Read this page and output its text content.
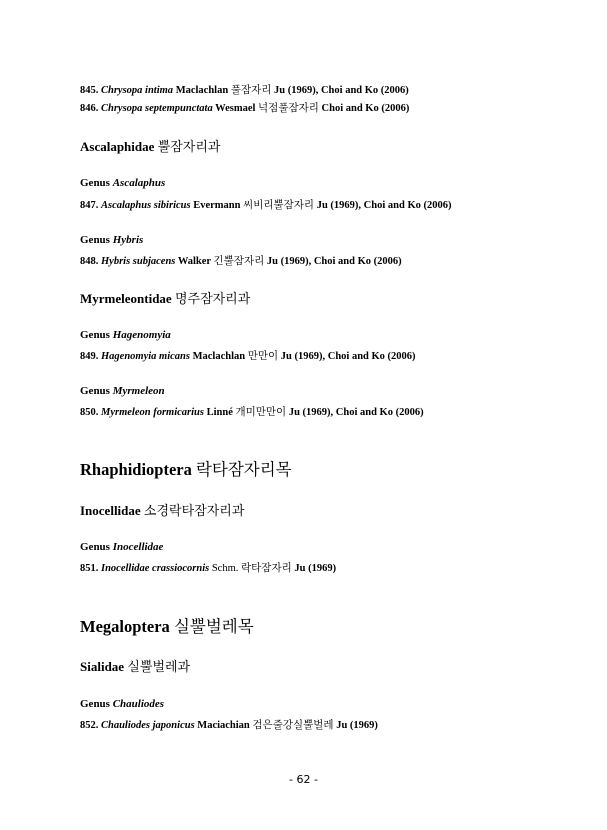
845. Chrysopa intima Maclachlan 풀잠자리 Ju (1969), Choi and Ko (2006)
846. Chrysopa septempunctata Wesmael 넉점풀잠자리 Choi and Ko (2006)
Ascalaphidae 뿔잠자리과
Genus Ascalaphus
847. Ascalaphus sibiricus Evermann 씨비리뿔잠자리 Ju (1969), Choi and Ko (2006)
Genus Hybris
848. Hybris subjacens Walker 긴뿔잠자리 Ju (1969), Choi and Ko (2006)
Myrmeleontidae 명주잠자리과
Genus Hagenomyia
849. Hagenomyia micans Maclachlan 만만이 Ju (1969), Choi and Ko (2006)
Genus Myrmeleon
850. Myrmeleon formicarius Linné 개미만만이 Ju (1969), Choi and Ko (2006)
Rhaphidioptera 락타잠자리목
Inocellidae 소경락타잠자리과
Genus Inocellidae
851. Inocellidae crassiocornis Schm. 락타잠자리 Ju (1969)
Megaloptera 실뿔벌레목
Sialidae 실뿔벌레과
Genus Chauliodes
852. Chauliodes japonicus Maciachian 검은줄강실뿔벌레 Ju (1969)
- 62 -
